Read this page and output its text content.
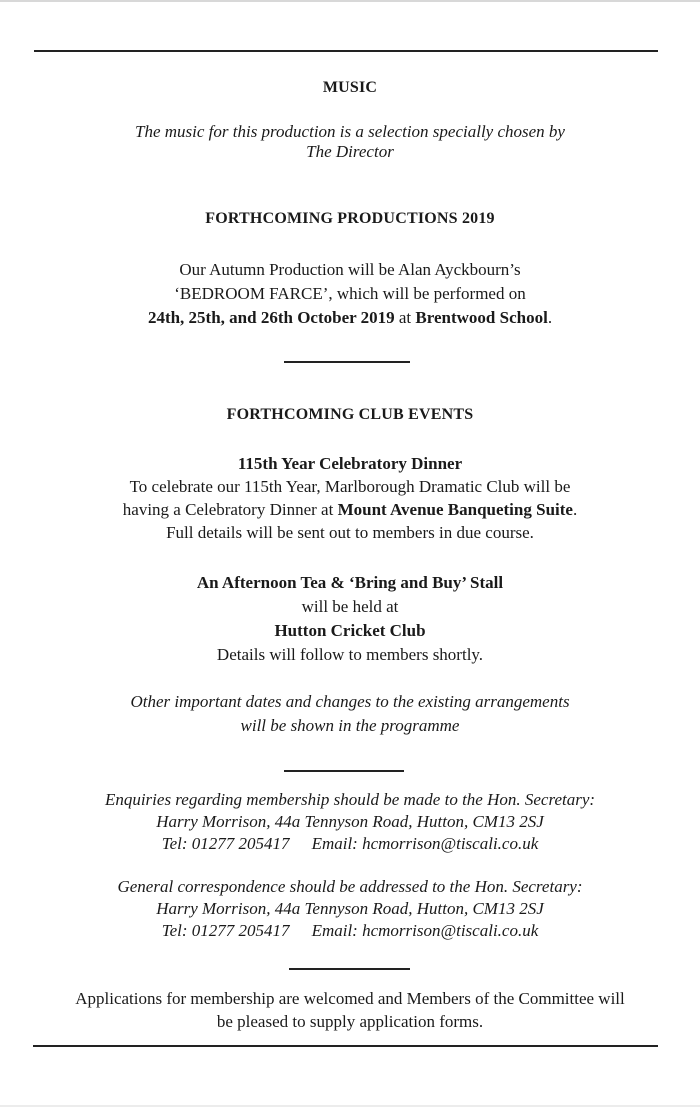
MUSIC
The music for this production is a selection specially chosen by
The Director
FORTHCOMING PRODUCTIONS 2019
Our Autumn Production will be Alan Ayckbourn’s
‘BEDROOM FARCE’, which will be performed on
24th, 25th, and 26th October 2019 at Brentwood School.
FORTHCOMING CLUB EVENTS
115th Year Celebratory Dinner
To celebrate our 115th Year, Marlborough Dramatic Club will be
having a Celebratory Dinner at Mount Avenue Banqueting Suite.
Full details will be sent out to members in due course.
An Afternoon Tea & ‘Bring and Buy’ Stall
will be held at
Hutton Cricket Club
Details will follow to members shortly.
Other important dates and changes to the existing arrangements
will be shown in the programme
Enquiries regarding membership should be made to the Hon. Secretary:
Harry Morrison, 44a Tennyson Road, Hutton, CM13 2SJ
Tel: 01277 205417 Email: hcmorrison@tiscali.co.uk
General correspondence should be addressed to the Hon. Secretary:
Harry Morrison, 44a Tennyson Road, Hutton, CM13 2SJ
Tel: 01277 205417 Email: hcmorrison@tiscali.co.uk
Applications for membership are welcomed and Members of the Committee will
be pleased to supply application forms.
